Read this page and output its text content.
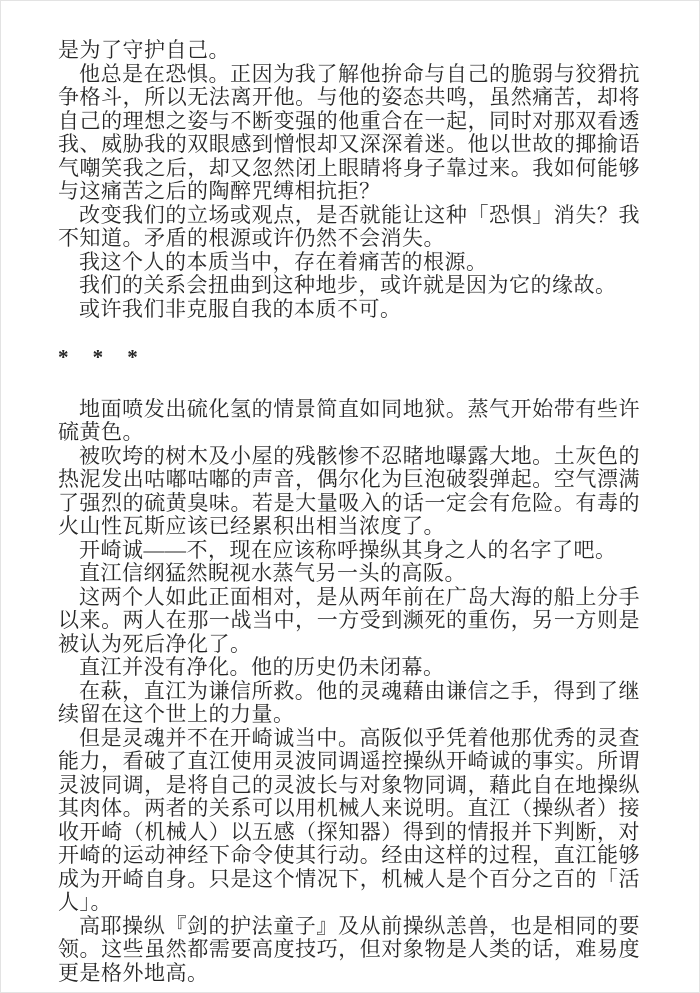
是为了守护自己。

他总是在恐惧。正因为我了解他拚命与自己的脆弱与狡猾抗争格斗，所以无法离开他。与他的姿态共鸣，虽然痛苦，却将自己的理想之姿与不断变强的他重合在一起，同时对那双看透我、威胁我的双眼感到憎恨却又深深着迷。他以世故的揶揄语气嘲笑我之后，却又忽然闭上眼睛将身子靠过来。我如何能够与这痛苦之后的陶醉咒缚相抗拒？

改变我们的立场或观点，是否就能让这种「恐惧」消失？我不知道。矛盾的根源或许仍然不会消失。

我这个人的本质当中，存在着痛苦的根源。

我们的关系会扭曲到这种地步，或许就是因为它的缘故。

或许我们非克服自我的本质不可。

* * *

地面喷发出硫化氢的情景简直如同地狱。蒸气开始带有些许硫黄色。

被吹垮的树木及小屋的残骸惨不忍睹地曝露大地。土灰色的热泥发出咕嘟咕嘟的声音，偶尔化为巨泡破裂弹起。空气漂满了强烈的硫黄臭味。若是大量吸入的话一定会有危险。有毒的火山性瓦斯应该已经累积出相当浓度了。

开崎诚——不，现在应该称呼操纵其身之人的名字了吧。

直江信纲猛然睨视水蒸气另一头的高阪。

这两个人如此正面相对，是从两年前在广岛大海的船上分手以来。两人在那一战当中，一方受到濒死的重伤，另一方则是被认为死后净化了。

直江并没有净化。他的历史仍未闭幕。

在萩，直江为谦信所救。他的灵魂藉由谦信之手，得到了继续留在这个世上的力量。

但是灵魂并不在开崎诚当中。高阪似乎凭着他那优秀的灵查能力，看破了直江使用灵波同调遥控操纵开崎诚的事实。所谓灵波同调，是将自己的灵波长与对象物同调，藉此自在地操纵其肉体。两者的关系可以用机械人来说明。直江（操纵者）接收开崎（机械人）以五感（探知器）得到的情报并下判断，对开崎的运动神经下命令使其行动。经由这样的过程，直江能够成为开崎自身。只是这个情况下，机械人是个百分之百的「活人」。

高耶操纵『剑的护法童子』及从前操纵恙兽，也是相同的要领。这些虽然都需要高度技巧，但对象物是人类的话，难易度更是格外地高。
